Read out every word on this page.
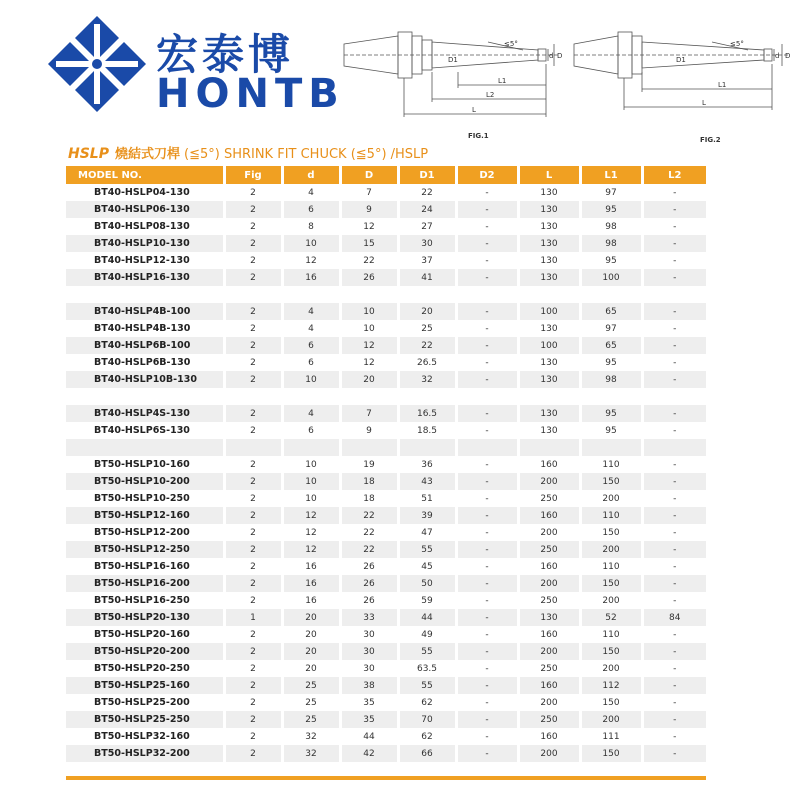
宏泰博
HONTB
≤5°
D1	d D
L1
L2
L
≤5°
D1	d D
L1
L
FIG.1	FIG.2
HSLP 燒結式刀桿 (≦5°) SHRINK FIT CHUCK (≦5°) /HSLP
MODEL NO.	Fig	d	D	D1	D2	L	L1	L2
BT40-HSLP04-130	2	4	7	22	-	130	97	-
BT40-HSLP06-130	2	6	9	24	-	130	95	-
BT40-HSLP08-130	2	8	12	27	-	130	98	-
BT40-HSLP10-130	2	10	15	30	-	130	98	-
BT40-HSLP12-130	2	12	22	37	-	130	95	-
BT40-HSLP16-130	2	16	26	41	-	130	100	-

BT40-HSLP4B-100	2	4	10	20	-	100	65	-
BT40-HSLP4B-130	2	4	10	25	-	130	97	-
BT40-HSLP6B-100	2	6	12	22	-	100	65	-
BT40-HSLP6B-130	2	6	12	26.5	-	130	95	-
BT40-HSLP10B-130	2	10	20	32	-	130	98	-

BT40-HSLP4S-130	2	4	7	16.5	-	130	95	-
BT40-HSLP6S-130	2	6	9	18.5	-	130	95	-

BT50-HSLP10-160	2	10	19	36	-	160	110	-
BT50-HSLP10-200	2	10	18	43	-	200	150	-
BT50-HSLP10-250	2	10	18	51	-	250	200	-
BT50-HSLP12-160	2	12	22	39	-	160	110	-
BT50-HSLP12-200	2	12	22	47	-	200	150	-
BT50-HSLP12-250	2	12	22	55	-	250	200	-
BT50-HSLP16-160	2	16	26	45	-	160	110	-
BT50-HSLP16-200	2	16	26	50	-	200	150	-
BT50-HSLP16-250	2	16	26	59	-	250	200	-
BT50-HSLP20-130	1	20	33	44	-	130	52	84
BT50-HSLP20-160	2	20	30	49	-	160	110	-
BT50-HSLP20-200	2	20	30	55	-	200	150	-
BT50-HSLP20-250	2	20	30	63.5	-	250	200	-
BT50-HSLP25-160	2	25	38	55	-	160	112	-
BT50-HSLP25-200	2	25	35	62	-	200	150	-
BT50-HSLP25-250	2	25	35	70	-	250	200	-
BT50-HSLP32-160	2	32	44	62	-	160	111	-
BT50-HSLP32-200	2	32	42	66	-	200	150	-
